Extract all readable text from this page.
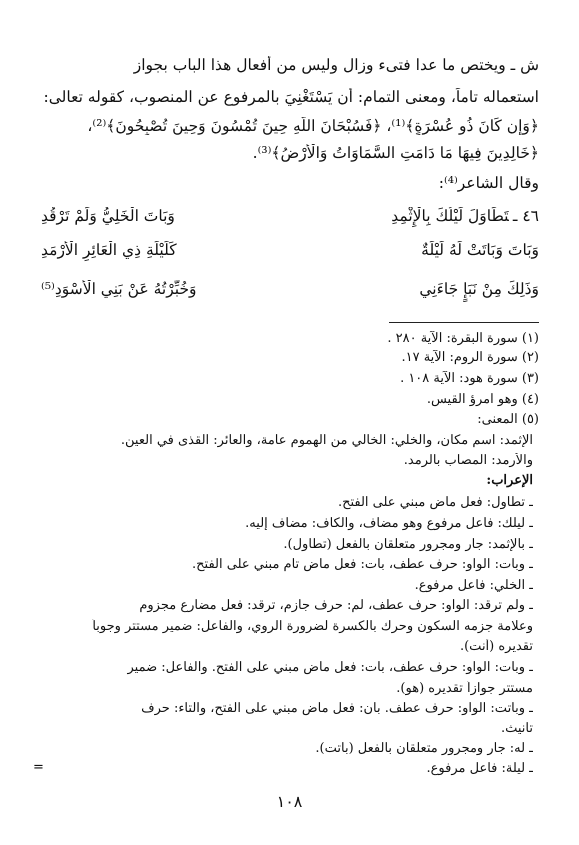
ش ـ ويختص ما عدا فتىء وزال وليس من أفعال هذا الباب بجواز
استعماله تاماً، ومعنى التمام: أن يَسْتَغْنِيَ بالمرفوع عن المنصوب، كقوله تعالى:
﴿وَإِن كَانَ ذُو عُسْرَةٍ﴾⁽¹⁾، ﴿فَسُبْحَانَ اللَّهِ حِينَ تُمْسُونَ وَحِينَ تُصْبِحُونَ﴾⁽²⁾،
﴿خَالِدِينَ فِيهَا مَا دَامَتِ السَّمَاوَاتُ وَالْأَرْضُ﴾⁽³⁾.
وقال الشاعر⁽⁴⁾:
٤٦ ـتَطَاوَلَ لَيْلُكَ بِالْإِثْمِدِ
وَبَاتَ الْخَلِيُّ وَلَمْ تَرْقُدِ
وَبَاتَ وَبَاتَتْ لَهُ لَيْلَةٌ
كَلَيْلَةِ ذِي الْعَائِرِ الْأَرْمَدِ
وَذَلِكَ مِنْ نَبَإٍ جَاءَنِي
وَخُبِّرْتُهُ عَنْ بَنِي الْأَسْوَدِ⁽⁵⁾
(١) سورة البقرة: الآية ٢٨٠ .
(٢) سورة الروم: الآية ١٧.
(٣) سورة هود: الآية ١٠٨ .
(٤) وهو امرؤ القيس.
(٥) المعنى:
الإثمد: اسم مكان، والخلي: الخالي من الهموم عامة، والعائر: القذى في العين.
والأرمد: المصاب بالرمد.
الإعراب:
ـ تطاول: فعل ماض مبني على الفتح.
ـ ليلك: فاعل مرفوع وهو مضاف، والكاف: مضاف إليه.
ـ بالإثمد: جار ومجرور متعلقان بالفعل (تطاول).
ـ وبات: الواو: حرف عطف، بات: فعل ماض تام مبني على الفتح.
ـ الخلي: فاعل مرفوع.
ـ ولم ترقد: الواو: حرف عطف، لم: حرف جازم، ترقد: فعل مضارع مجزوم
وعلامة جزمه السكون وحرك بالكسرة لضرورة الروي، والفاعل: ضمير مستتر وجوباً
تقديره (أنت).
ـ وبات: الواو: حرف عطف، بات: فعل ماض مبني على الفتح. والفاعل: ضمير
مستتر جوازاً تقديره (هو).
ـ وباتت: الواو: حرف عطف. بان: فعل ماض مبني على الفتح، والتاء: حرف
تأنيث.
ـ له: جار ومجرور متعلقان بالفعل (باتت).
ـ ليلة: فاعل مرفوع.
=
١٠٨
